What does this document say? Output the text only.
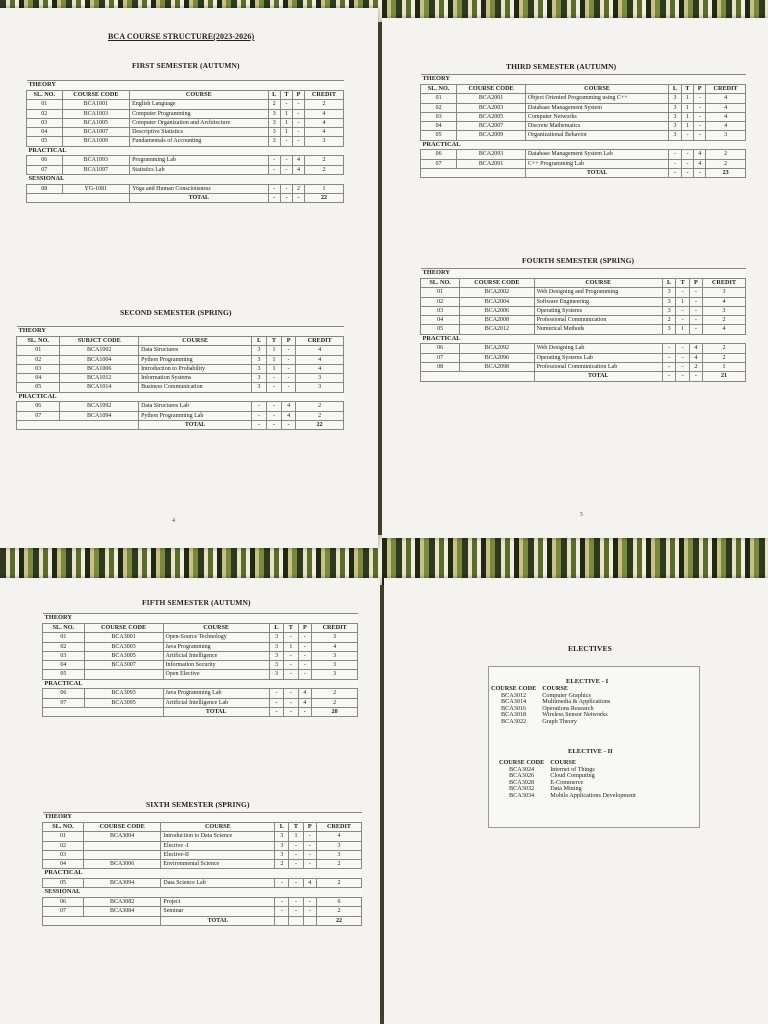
BCA COURSE STRUCTURE(2023-2026)
FIRST SEMESTER (AUTUMN)
THEORY						
SL. NO.	COURSE CODE	COURSE	L	T	P	CREDIT
01	BCA1001	English Language	2	-	-	2
02	BCA1003	Computer Programming	3	1	-	4
03	BCA1005	Computer Organization and Architecture	3	1	-	4
04	BCA1007	Descriptive Statistics	3	1	-	4
05	BCA1009	Fundamentals of Accounting	3	-	-	3
PRACTICAL						
06	BCA1093	Programming Lab	-	-	4	2
07	BCA1097	Statistics Lab	-	-	4	2
SESSIONAL						
08	YG-1081	Yoga and Human Consciousness	-	-	2	1
		TOTAL	-	-	-	22
SECOND SEMESTER (SPRING)
THEORY						
SL. NO.	SUBJCT CODE	COURSE	L	T	P	CREDIT
01	BCA1002	Data Structures	3	1	-	4
02	BCA1004	Python Programming	3	1	-	4
03	BCA1006	Introduction to Probability	3	1	-	4
04	BCA1012	Information Systems	3	-	-	3
05	BCA1014	Business Communication	3	-	-	3
PRACTICAL						
06	BCA1092	Data Structures Lab	-	-	4	2
07	BCA1094	Python Programming Lab	-	-	4	2
		TOTAL	-	-	-	22
4
THIRD SEMESTER (AUTUMN)
THEORY						
SL. NO.	COURSE CODE	COURSE	L	T	P	CREDIT
01	BCA2001	Object Oriented Programming using C++	3	1	-	4
02	BCA2003	Database Management System	3	1	-	4
03	BCA2005	Computer Networks	3	1	-	4
04	BCA2007	Discrete Mathematics	3	1	-	4
05	BCA2009	Organizational Behavior	3	-	-	3
PRACTICAL						
06	BCA2093	Database Management System Lab	-	-	4	2
07	BCA2091	C++ Programming Lab	-	-	4	2
		TOTAL	-	-	-	23
FOURTH SEMESTER (SPRING)
THEORY						
SL. NO.	COURSE CODE	COURSE	L	T	P	CREDIT
01	BCA2002	Web Designing and Programming	3	-	-	3
02	BCA2004	Software Engineering	3	1	-	4
03	BCA2006	Operating Systems	3	-	-	3
04	BCA2008	Professional Communication	2	-	-	2
05	BCA2012	Numerical Methods	3	1	-	4
PRACTICAL						
06	BCA2092	Web Designing Lab	-	-	4	2
07	BCA2096	Operating Systems Lab	-	-	4	2
08	BCA2098	Professional Communication Lab	-	-	2	1
		TOTAL	-	-	-	21
5
FIFTH SEMESTER (AUTUMN)
THEORY						
SL. NO.	COURSE CODE	COURSE	L	T	P	CREDIT
01	BCA3001	Open-Source Technology	3	-	-	3
02	BCA3003	Java Programming	3	1	-	4
03	BCA3005	Artificial Intelligence	3	-	-	3
04	BCA3007	Information Security	3	-	-	3
05		Open Elective	3	-	-	3
PRACTICAL						
06	BCA3093	Java Programming Lab	-	-	4	2
07	BCA3095	Artificial Intelligence Lab	-	-	4	2
		TOTAL	-	-	-	20
SIXTH SEMESTER (SPRING)
THEORY						
SL. NO.	COURSE CODE	COURSE	L	T	P	CREDIT
01	BCA3004	Introduction to Data Science	3	1	-	4
02		Elective -I	3	-	-	3
03		Elective-II	3	-	-	3
04	BCA3006	Environmental Science	2	-	-	2
PRACTICAL						
05	BCA3094	Data Science Lab	-	-	4	2
SESSIONAL						
06	BCA3082	Project	-	-	-	6
07	BCA3084	Seminar	-	-	-	2
		TOTAL				22
ELECTIVES
ELECTIVE - I
COURSE CODE	COURSE
BCA3012	Computer Graphics
BCA3014	Multimedia & Applications
BCA3016	Operations Research
BCA3018	Wireless Sensor Networks
BCA3022	Graph Theory
ELECTIVE - II
COURSE CODE	COURSE
BCA3024	Internet of Things
BCA3026	Cloud Computing
BCA3028	E-Commerce
BCA3032	Data Mining
BCA3034	Mobile Applications Development
